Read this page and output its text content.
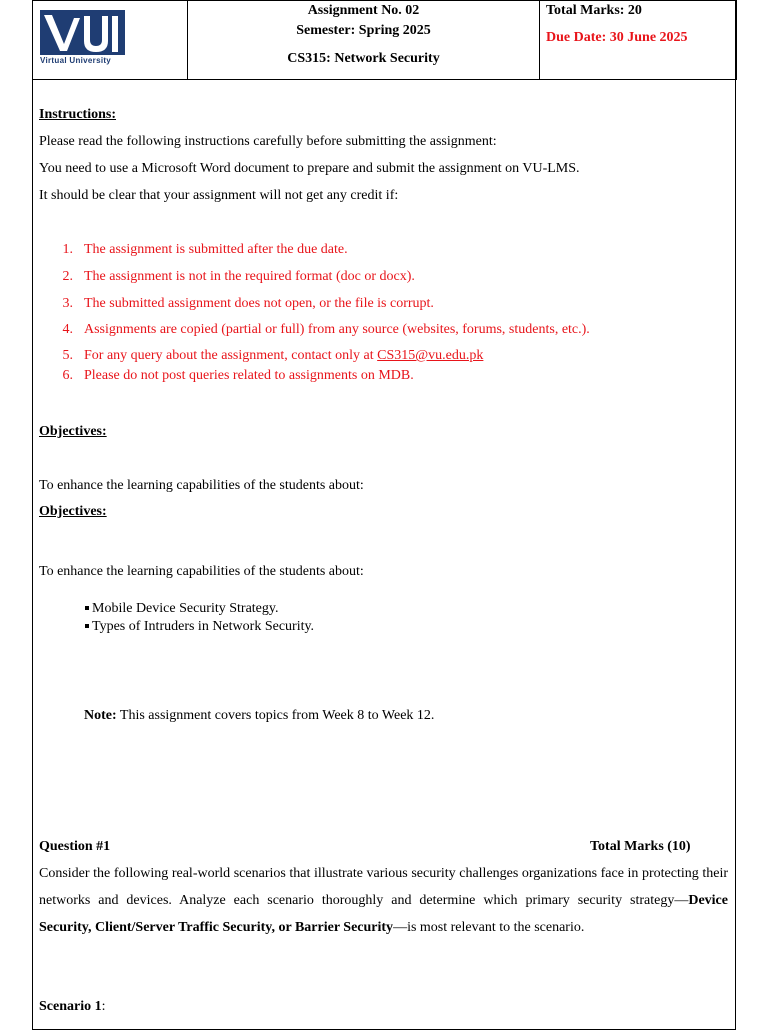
Virtual University

Assignment No. 02
Semester: Spring 2025
CS315: Network Security

Total Marks: 20
Due Date: 30 June 2025
Instructions:
Please read the following instructions carefully before submitting the assignment:
You need to use a Microsoft Word document to prepare and submit the assignment on VU-LMS.
It should be clear that your assignment will not get any credit if:
1. The assignment is submitted after the due date.
2. The assignment is not in the required format (doc or docx).
3. The submitted assignment does not open, or the file is corrupt.
4. Assignments are copied (partial or full) from any source (websites, forums, students, etc.).
5. For any query about the assignment, contact only at CS315@vu.edu.pk
6. Please do not post queries related to assignments on MDB.
Objectives:
To enhance the learning capabilities of the students about:
Objectives:
To enhance the learning capabilities of the students about:
Mobile Device Security Strategy.
Types of Intruders in Network Security.
Note: This assignment covers topics from Week 8 to Week 12.
Question #1	Total Marks (10)
Consider the following real-world scenarios that illustrate various security challenges organizations face in protecting their networks and devices. Analyze each scenario thoroughly and determine which primary security strategy—Device Security, Client/Server Traffic Security, or Barrier Security—is most relevant to the scenario.
Scenario 1:
